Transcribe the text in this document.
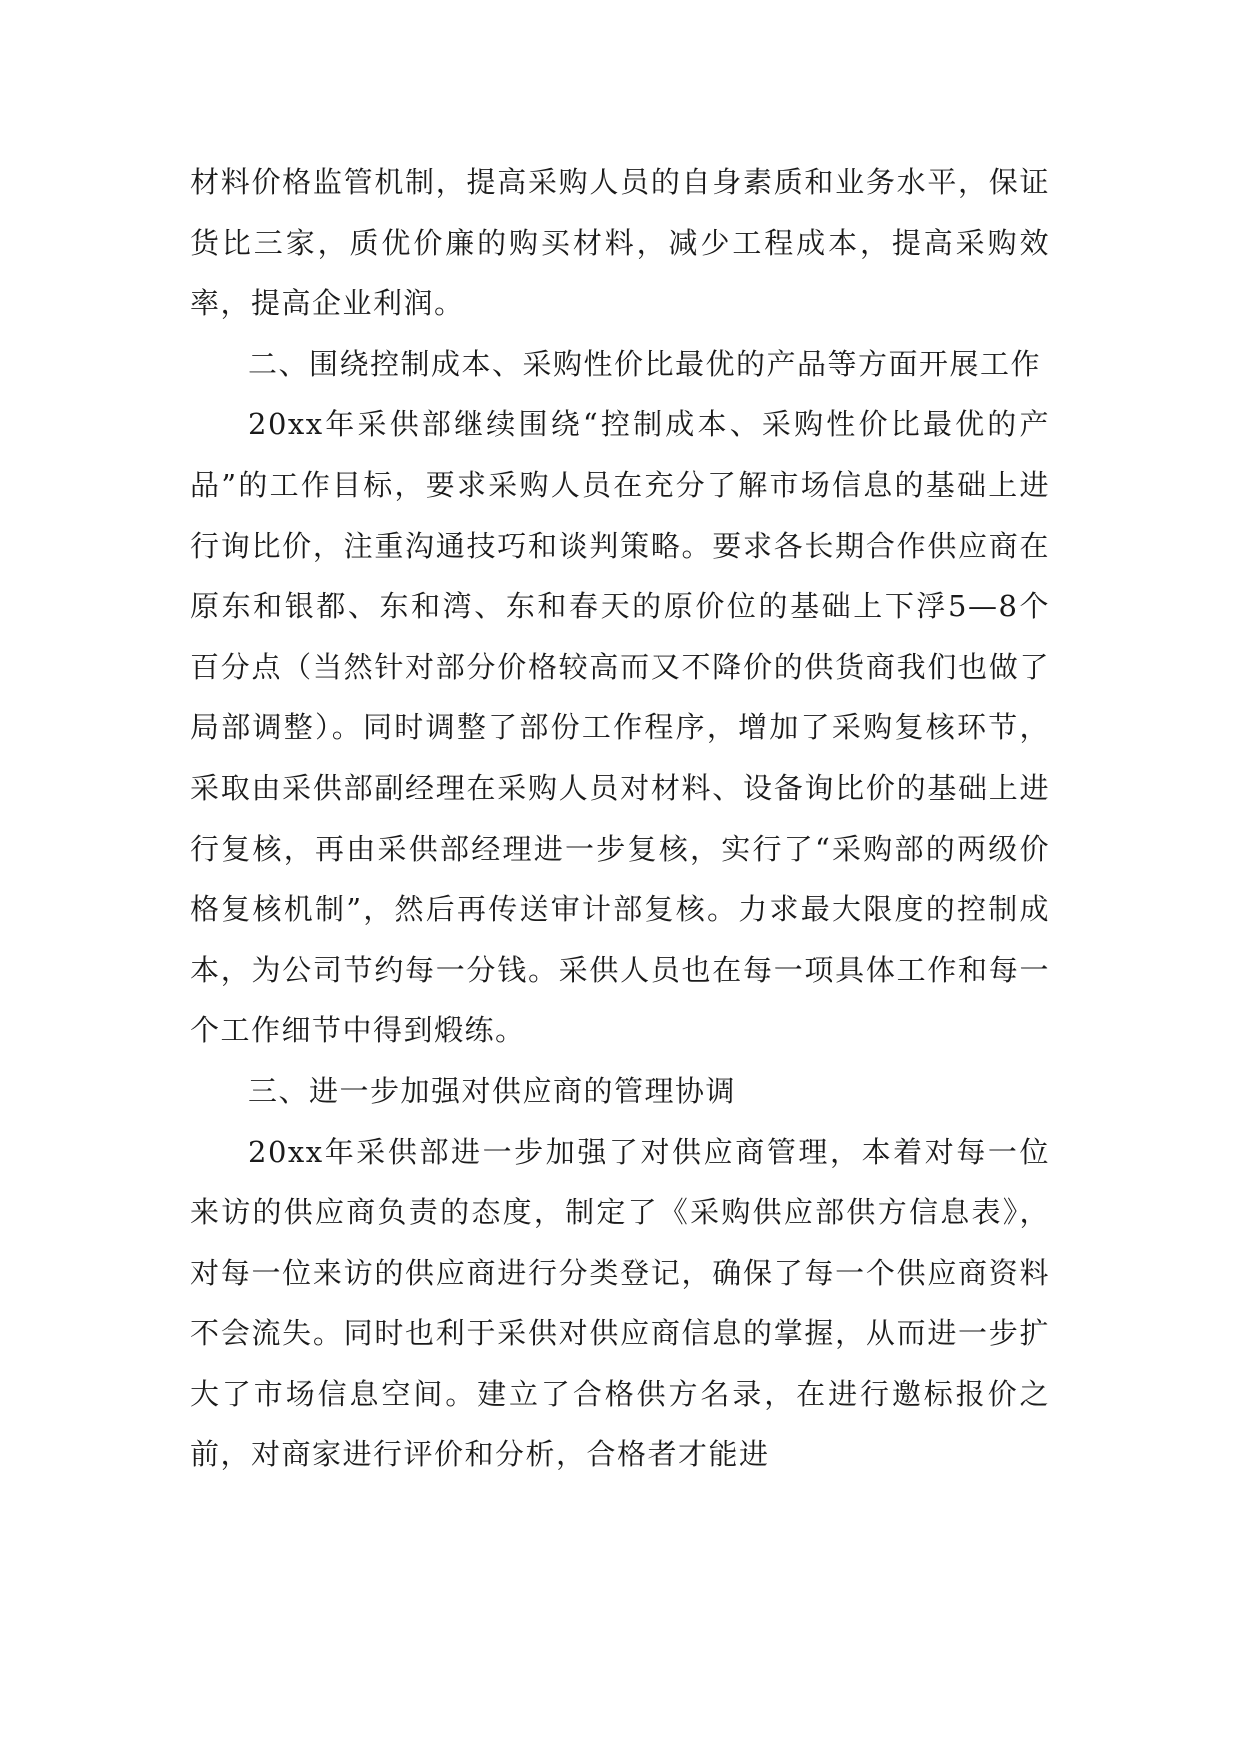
材料价格监管机制，提高采购人员的自身素质和业务水平，保证货比三家，质优价廉的购买材料，减少工程成本，提高采购效率，提高企业利润。

二、围绕控制成本、采购性价比最优的产品等方面开展工作

20xx年采供部继续围绕“控制成本、采购性价比最优的产品”的工作目标，要求采购人员在充分了解市场信息的基础上进行询比价，注重沟通技巧和谈判策略。要求各长期合作供应商在原东和银都、东和湾、东和春天的原价位的基础上下浮5—8个百分点（当然针对部分价格较高而又不降价的供货商我们也做了局部调整）。同时调整了部份工作程序，增加了采购复核环节，采取由采供部副经理在采购人员对材料、设备询比价的基础上进行复核，再由采供部经理进一步复核，实行了“采购部的两级价格复核机制”，然后再传送审计部复核。力求最大限度的控制成本，为公司节约每一分钱。采供人员也在每一项具体工作和每一个工作细节中得到煅练。

三、进一步加强对供应商的管理协调

20xx年采供部进一步加强了对供应商管理，本着对每一位来访的供应商负责的态度，制定了《采购供应部供方信息表》，对每一位来访的供应商进行分类登记，确保了每一个供应商资料不会流失。同时也利于采供对供应商信息的掌握，从而进一步扩大了市场信息空间。建立了合格供方名录，在进行邀标报价之前，对商家进行评价和分析，合格者才能进
